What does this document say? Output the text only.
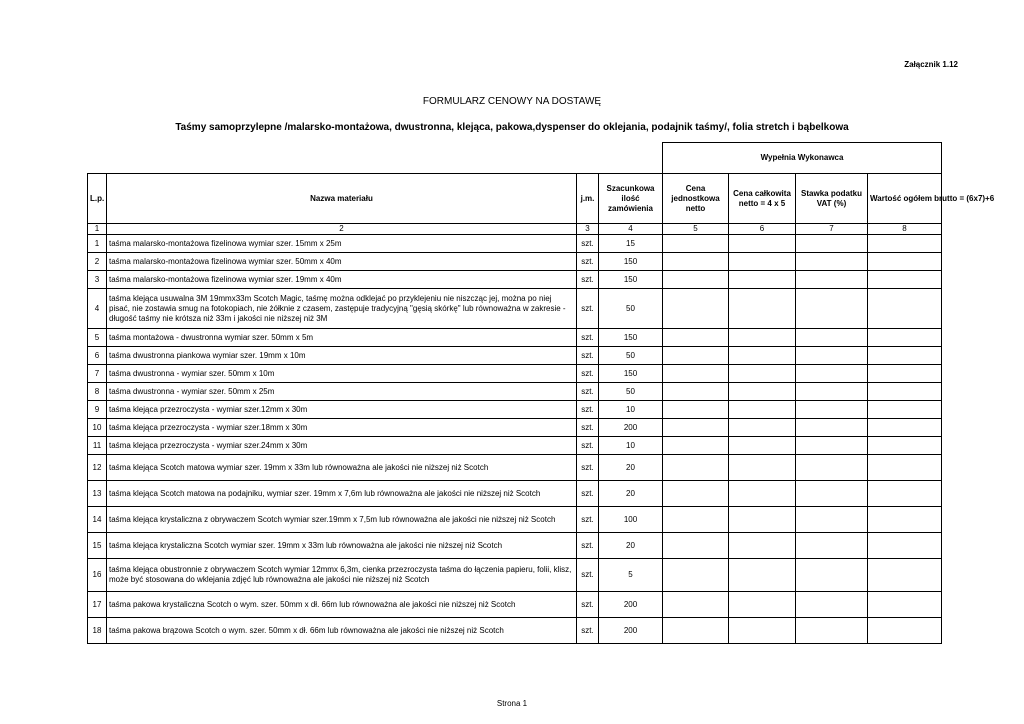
Załącznik 1.12
FORMULARZ CENOWY NA DOSTAWĘ
Taśmy samoprzylepne /malarsko-montażowa, dwustronna, klejąca, pakowa,dyspenser do oklejania, podajnik taśmy/, folia stretch i bąbelkowa
				Wypełnia Wykonawca			
L.p.	Nazwa materiału	j.m.	Szacunkowa ilość zamówienia	Cena jednostkowa netto	Cena całkowita netto = 4 x 5	Stawka podatku VAT (%)	Wartość ogółem brutto = (6x7)+6
1	2	3	4	5	6	7	8
1	taśma malarsko-montażowa fizelinowa wymiar szer. 15mm x 25m	szt.	15				
2	taśma malarsko-montażowa fizelinowa wymiar szer. 50mm x 40m	szt.	150				
3	taśma malarsko-montażowa fizelinowa wymiar szer. 19mm x 40m	szt.	150				
4	taśma klejąca usuwalna 3M 19mmx33m Scotch Magic, taśmę można odklejać po przyklejeniu nie niszcząc jej, można po niej pisać, nie zostawia smug na fotokopiach, nie żółknie z czasem, zastępuje tradycyjną "gęsią skórkę" lub równoważna w zakresie - długość taśmy nie krótsza niż 33m i jakości nie niższej niż 3M	szt.	50				
5	taśma montażowa - dwustronna wymiar szer. 50mm x 5m	szt.	150				
6	taśma dwustronna piankowa wymiar szer. 19mm x 10m	szt.	50				
7	taśma dwustronna - wymiar szer. 50mm x 10m	szt.	150				
8	taśma dwustronna - wymiar szer. 50mm x 25m	szt.	50				
9	taśma klejąca przezroczysta - wymiar szer.12mm x 30m	szt.	10				
10	taśma klejąca przezroczysta - wymiar szer.18mm x 30m	szt.	200				
11	taśma klejąca przezroczysta - wymiar szer.24mm x 30m	szt.	10				
12	taśma klejąca Scotch matowa wymiar szer. 19mm x 33m lub równoważna ale jakości nie niższej niż Scotch	szt.	20				
13	taśma klejąca Scotch matowa na podajniku, wymiar szer. 19mm x 7,6m lub równoważna ale jakości nie niższej niż Scotch	szt.	20				
14	taśma klejąca krystaliczna z obrywaczem Scotch wymiar szer.19mm x 7,5m lub równoważna ale jakości nie niższej niż Scotch	szt.	100				
15	taśma klejąca krystaliczna Scotch wymiar szer. 19mm x 33m lub równoważna ale jakości nie niższej niż Scotch	szt.	20				
16	taśma klejąca obustronnie z obrywaczem Scotch wymiar 12mmx 6,3m, cienka przezroczysta taśma do łączenia papieru, folii, klisz, może być stosowana do wklejania zdjęć lub równoważna ale jakości nie niższej niż Scotch	szt.	5				
17	taśma pakowa krystaliczna Scotch o wym. szer. 50mm x dł. 66m lub równoważna ale jakości nie niższej niż Scotch	szt.	200				
18	taśma pakowa brązowa Scotch o wym. szer. 50mm x dł. 66m lub równoważna ale jakości nie niższej niż Scotch	szt.	200				
Strona 1
